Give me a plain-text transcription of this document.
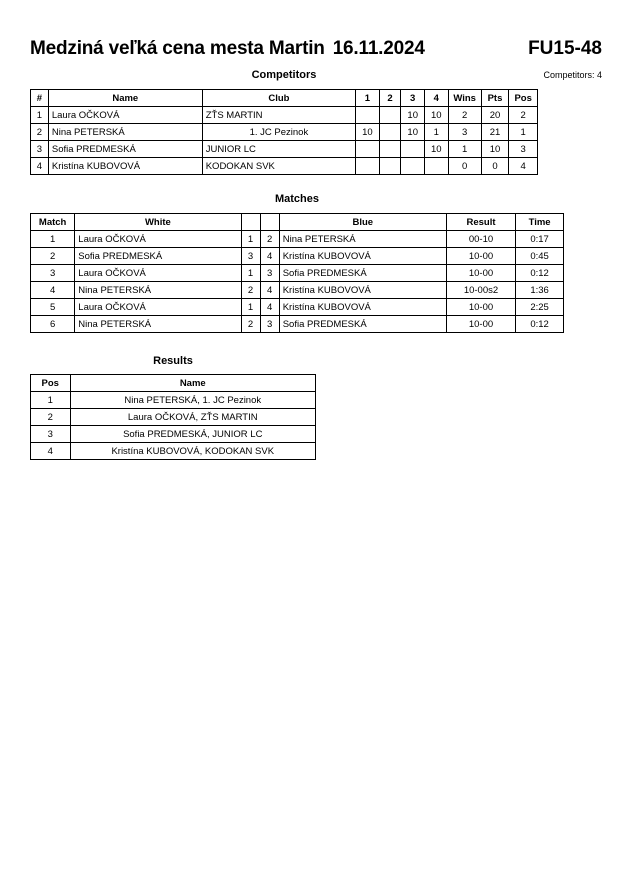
Medziná veľká cena mesta Martin 16.11.2024	FU15-48
Competitors	Competitors: 4
#	Name	Club	1	2	3	4	Wins	Pts	Pos
1	Laura OČKOVÁ	ZŤS MARTIN			10	10	2	20	2
2	Nina PETERSKÁ	1. JC Pezinok	10		10	1	3	21	1
3	Sofia PREDMESKÁ	JUNIOR LC				10	1	10	3
4	Kristína KUBOVOVÁ	KODOKAN SVK					0	0	4
Matches
Match	White			Blue	Result	Time
1	Laura OČKOVÁ	1	2	Nina PETERSKÁ	00-10	0:17
2	Sofia PREDMESKÁ	3	4	Kristína KUBOVOVÁ	10-00	0:45
3	Laura OČKOVÁ	1	3	Sofia PREDMESKÁ	10-00	0:12
4	Nina PETERSKÁ	2	4	Kristína KUBOVOVÁ	10-00s2	1:36
5	Laura OČKOVÁ	1	4	Kristína KUBOVOVÁ	10-00	2:25
6	Nina PETERSKÁ	2	3	Sofia PREDMESKÁ	10-00	0:12
Results
Pos	Name
1	Nina PETERSKÁ, 1. JC Pezinok
2	Laura OČKOVÁ, ZŤS MARTIN
3	Sofia PREDMESKÁ, JUNIOR LC
4	Kristína KUBOVOVÁ, KODOKAN SVK
